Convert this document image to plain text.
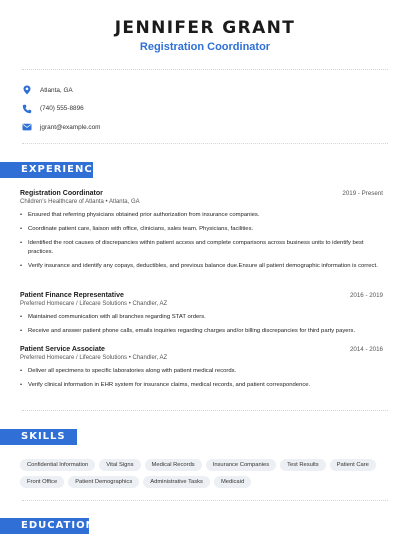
JENNIFER GRANT
Registration Coordinator
Atlanta, GA
(740) 555-8896
jgrant@example.com
EXPERIENCE
Registration Coordinator	2019 - Present
Children's Healthcare of Atlanta • Atlanta, GA
• Ensured that referring physicians obtained prior authorization from insurance companies.
• Coordinate patient care, liaison with office, clinicians, sales team. Physicians, facilities.
• Identified the root causes of discrepancies within patient access and complete comparisons across business units to identify best practices.
• Verify insurance and identify any copays, deductibles, and previous balance due.Ensure all patient demographic information is correct.
Patient Finance Representative	2016 - 2019
Preferred Homecare / Lifecare Solutions • Chandler, AZ
• Maintained communication with all branches regarding STAT orders.
• Receive and answer patient phone calls, emails inquiries regarding charges and/or billing discrepancies for third party payers.
Patient Service Associate	2014 - 2016
Preferred Homecare / Lifecare Solutions • Chandler, AZ
• Deliver all specimens to specific laboratories along with patient medical records.
• Verify clinical information in EHR system for insurance claims, medical records, and patient correspondence.
SKILLS
Confidential Information	Vital Signs	Medical Records	Insurance Companies	Test Results	Patient Care
Front Office	Patient Demographics	Administrative Tasks	Medicaid
EDUCATION
